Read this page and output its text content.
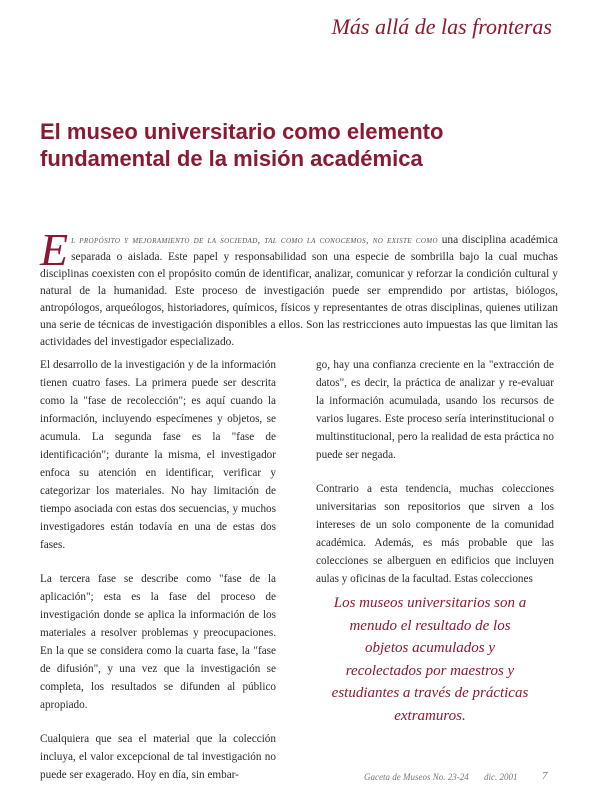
Más allá de las fronteras
El museo universitario como elemento fundamental de la misión académica

El propósito y mejoramiento de la sociedad, tal como la conocemos, no existe como una disciplina académica separada o aislada. Este papel y responsabilidad son una especie de sombrilla bajo la cual muchas disciplinas coexisten con el propósito común de identificar, analizar, comunicar y reforzar la condición cultural y natural de la humanidad. Este proceso de investigación puede ser emprendido por artistas, biólogos, antropólogos, arqueólogos, historiadores, químicos, físicos y representantes de otras disciplinas, quienes utilizan una serie de técnicas de investigación disponibles a ellos. Son las restricciones auto impuestas las que limitan las actividades del investigador especializado.

El desarrollo de la investigación y de la información tienen cuatro fases. La primera puede ser descrita como la "fase de recolección"; es aquí cuando la información, incluyendo especímenes y objetos, se acumula. La segunda fase es la "fase de identificación"; durante la misma, el investigador enfoca su atención en identificar, verificar y categorizar los materiales. No hay limitación de tiempo asociada con estas dos secuencias, y muchos investigadores están todavía en una de estas dos fases.

La tercera fase se describe como "fase de la aplicación"; esta es la fase del proceso de investigación donde se aplica la información de los materiales a resolver problemas y preocupaciones. En la que se considera como la cuarta fase, la "fase de difusión", y una vez que la investigación se completa, los resultados se difunden al público apropiado.

Cualquiera que sea el material que la colección incluya, el valor excepcional de tal investigación no puede ser exagerado. Hoy en día, sin embar-

go, hay una confianza creciente en la "extracción de datos", es decir, la práctica de analizar y re-evaluar la información acumulada, usando los recursos de varios lugares. Este proceso sería interinstitucional o multinstitucional, pero la realidad de esta práctica no puede ser negada.

Contrario a esta tendencia, muchas colecciones universitarias son repositorios que sirven a los intereses de un solo componente de la comunidad académica. Además, es más probable que las colecciones se alberguen en edificios que incluyen aulas y oficinas de la facultad. Estas colecciones

Los museos universitarios son a menudo el resultado de los objetos acumulados y recolectados por maestros y estudiantes a través de prácticas extramuros.

Gaceta de Museos No. 23-24 dic. 2001 7
